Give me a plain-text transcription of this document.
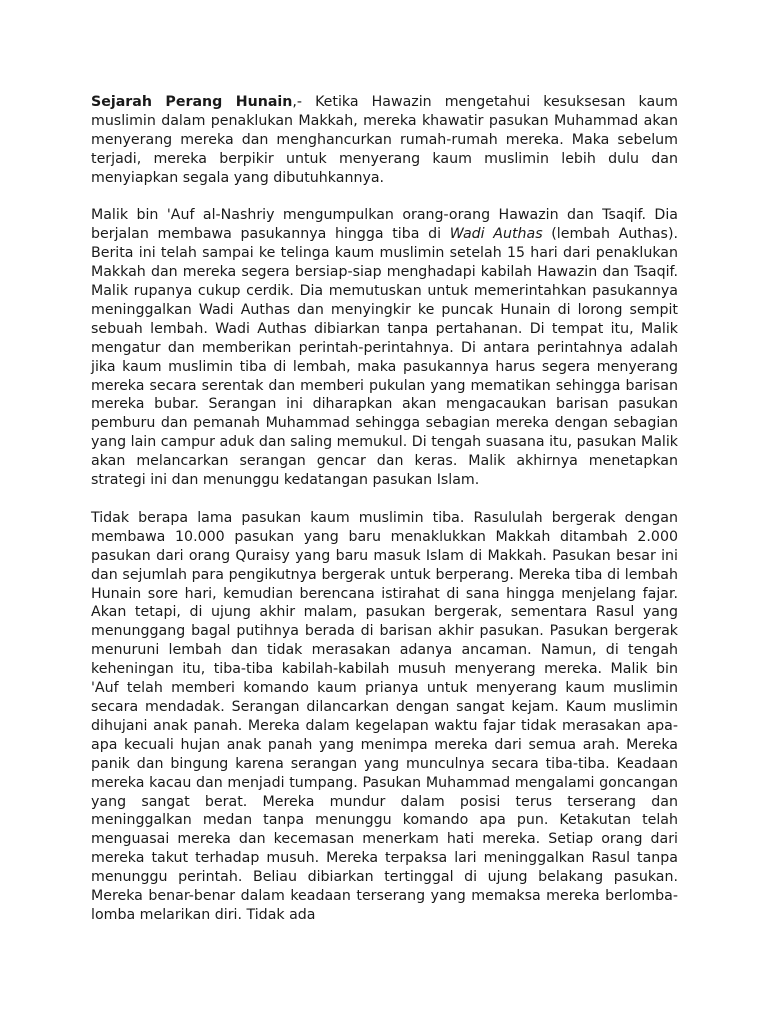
Sejarah Perang Hunain,- Ketika Hawazin mengetahui kesuksesan kaum muslimin dalam penaklukan Makkah, mereka khawatir pasukan Muhammad akan menyerang mereka dan menghancurkan rumah-rumah mereka. Maka sebelum terjadi, mereka berpikir untuk menyerang kaum muslimin lebih dulu dan menyiapkan segala yang dibutuhkannya.

Malik bin 'Auf al-Nashriy mengumpulkan orang-orang Hawazin dan Tsaqif. Dia berjalan membawa pasukannya hingga tiba di Wadi Authas (lembah Authas). Berita ini telah sampai ke telinga kaum muslimin setelah 15 hari dari penaklukan Makkah dan mereka segera bersiap-siap menghadapi kabilah Hawazin dan Tsaqif. Malik rupanya cukup cerdik. Dia memutuskan untuk memerintahkan pasukannya meninggalkan Wadi Authas dan menyingkir ke puncak Hunain di lorong sempit sebuah lembah. Wadi Authas dibiarkan tanpa pertahanan. Di tempat itu, Malik mengatur dan memberikan perintah-perintahnya. Di antara perintahnya adalah jika kaum muslimin tiba di lembah, maka pasukannya harus segera menyerang mereka secara serentak dan memberi pukulan yang mematikan sehingga barisan mereka bubar. Serangan ini diharapkan akan mengacaukan barisan pasukan pemburu dan pemanah Muhammad sehingga sebagian mereka dengan sebagian yang lain campur aduk dan saling memukul. Di tengah suasana itu, pasukan Malik akan melancarkan serangan gencar dan keras. Malik akhirnya menetapkan strategi ini dan menunggu kedatangan pasukan Islam.

Tidak berapa lama pasukan kaum muslimin tiba. Rasululah bergerak dengan membawa 10.000 pasukan yang baru menaklukkan Makkah ditambah 2.000 pasukan dari orang Quraisy yang baru masuk Islam di Makkah. Pasukan besar ini dan sejumlah para pengikutnya bergerak untuk berperang. Mereka tiba di lembah Hunain sore hari, kemudian berencana istirahat di sana hingga menjelang fajar. Akan tetapi, di ujung akhir malam, pasukan bergerak, sementara Rasul yang menunggang bagal putihnya berada di barisan akhir pasukan. Pasukan bergerak menuruni lembah dan tidak merasakan adanya ancaman. Namun, di tengah keheningan itu, tiba-tiba kabilah-kabilah musuh menyerang mereka. Malik bin 'Auf telah memberi komando kaum prianya untuk menyerang kaum muslimin secara mendadak. Serangan dilancarkan dengan sangat kejam. Kaum muslimin dihujani anak panah. Mereka dalam kegelapan waktu fajar tidak merasakan apa-apa kecuali hujan anak panah yang menimpa mereka dari semua arah. Mereka panik dan bingung karena serangan yang munculnya secara tiba-tiba. Keadaan mereka kacau dan menjadi tumpang. Pasukan Muhammad mengalami goncangan yang sangat berat. Mereka mundur dalam posisi terus terserang dan meninggalkan medan tanpa menunggu komando apa pun. Ketakutan telah menguasai mereka dan kecemasan menerkam hati mereka. Setiap orang dari mereka takut terhadap musuh. Mereka terpaksa lari meninggalkan Rasul tanpa menunggu perintah. Beliau dibiarkan tertinggal di ujung belakang pasukan. Mereka benar-benar dalam keadaan terserang yang memaksa mereka berlomba-lomba melarikan diri. Tidak ada
